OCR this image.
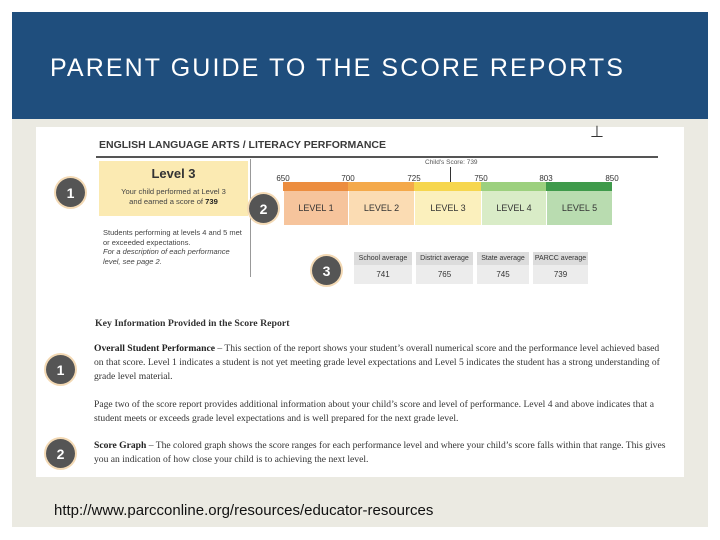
PARENT GUIDE TO THE SCORE REPORTS
ENGLISH LANGUAGE ARTS / LITERACY PERFORMANCE
⊥
Level 3
Your child performed at Level 3
and earned a score of 739
Students performing at levels 4 and 5 met or exceeded expectations.
For a description of each performance level, see page 2.
Child's Score: 739
LEVEL 1	LEVEL 2	LEVEL 3	LEVEL 4	LEVEL 5
650	700	725	750	803	850
School average
741
District average
765
State average
745
PARCC average
739
Key Information Provided in the Score Report
Overall Student Performance – This section of the report shows your student’s overall numerical score and the performance level achieved based on that score. Level 1 indicates a student is not yet meeting grade level expectations and Level 5 indicates the student has a strong understanding of grade level material.
Page two of the score report provides additional information about your child’s score and level of performance. Level 4 and above indicates that a student meets or exceeds grade level expectations and is well prepared for the next grade level.
Score Graph – The colored graph shows the score ranges for each performance level and where your child’s score falls within that range. This gives you an indication of how close your child is to achieving the next level.
1
2
3
1
2
http://www.parcconline.org/resources/educator-resources
